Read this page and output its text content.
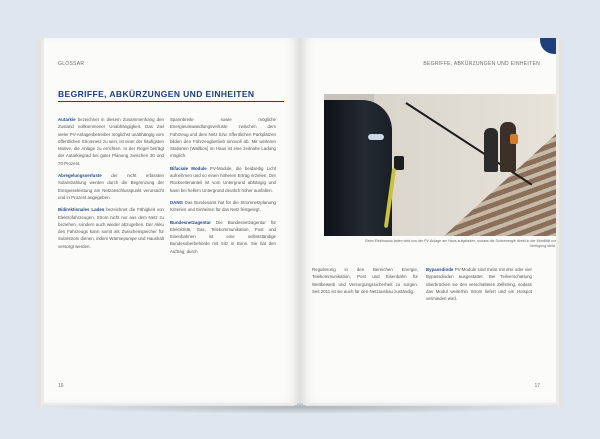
GLOSSAR
BEGRIFFE, ABKÜRZUNGEN UND EINHEITEN

Autarkie bezeichnet in diesem Zusammenhang den Zustand vollkommener Unabhängigkeit. Das Ziel vieler PV-Anlagenbetreiber möglichst unabhängig vom öffentlichen Stromnetz zu sein, ist einer der häufigsten Motive, die Anlage zu errichten. In der Regel beträgt der Autarkiegrad bei guter Planung zwischen 30 und 70 Prozent.

Abregelungsverluste der nicht erfassten Solarstrahlung werden durch die Begrenzung der Einspeiseleistung am Netzanschlusspunkt verursacht und in Prozent angegeben.

Bidirektionales Laden bezeichnet die Fähigkeit von Elektrofahrzeugen, Strom nicht nur aus dem Netz zu beziehen, sondern auch wieder abzugeben. Der Akku des Fahrzeugs kann somit als Zwischenspeicher für Solarstrom dienen, indem Wärmepumpe und Haushalt versorgt werden.

Spannbreite sowie mögliche Energieumwandlungsverluste zwischen dem Fahrzeug und dem Netz bzw. öffentlichen Parkplätzen bilden den Fahrzeugbetrieb sinnvoll ab. Mit weiteren Stationen (Wallbox) im Haus ist eine zeitnahe Ladung möglich.

Bifaciale Module PV-Module, die beidseitig Licht aufnehmen und so einen höheren Ertrag erzielen. Der Rückseitenanteil ist vom Untergrund abhängig und kann bei hellem Untergrund deutlich höher ausfallen.

DANG Das Bundesamt hat für die Stromnetzplanung Kriterien und Einheiten für das Netz festgelegt.

Bundesnetzagentur Die Bundesnetzagentur für Elektrizität, Gas, Telekommunikation, Post und Eisenbahnen ist eine selbstständige Bundesoberbehörde mit Sitz in Bonn. Sie hat den Auftrag, durch

16
BEGRIFFE, ABKÜRZUNGEN UND EINHEITEN
Beim Elektroauto laden wird von der PV-Anlage am Haus aufgeladen, sodass die Solarenergie direkt in der Mobilität zur Verfügung steht.

Regulierung in den Bereichen Energie, Telekommunikation, Post und Eisenbahn für Wettbewerb und Versorgungssicherheit zu sorgen. Seit 2011 ist sie auch für den Netzausbau zuständig.

Bypassdiode PV-Module sind meist mit drei oder vier Bypassdioden ausgestattet. Bei Teilverschattung überbrücken sie den verschatteten Zellstring, sodass das Modul weiterhin Strom liefert und ein Hotspot vermieden wird.

17
